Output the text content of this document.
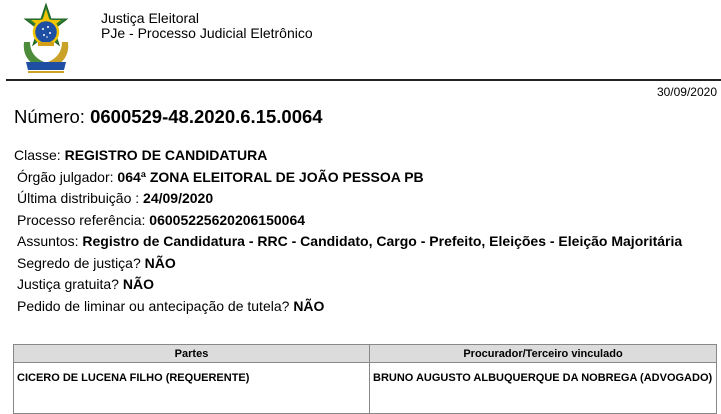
Justiça Eleitoral
PJe - Processo Judicial Eletrônico
30/09/2020
Número: 0600529-48.2020.6.15.0064
Classe: REGISTRO DE CANDIDATURA
Órgão julgador: 064ª ZONA ELEITORAL DE JOÃO PESSOA PB
Última distribuição : 24/09/2020
Processo referência: 06005225620206150064
Assuntos: Registro de Candidatura - RRC - Candidato, Cargo - Prefeito, Eleições - Eleição Majoritária
Segredo de justiça? NÃO
Justiça gratuita? NÃO
Pedido de liminar ou antecipação de tutela? NÃO
Partes	Procurador/Terceiro vinculado
CICERO DE LUCENA FILHO (REQUERENTE)	BRUNO AUGUSTO ALBUQUERQUE DA NOBREGA (ADVOGADO)
